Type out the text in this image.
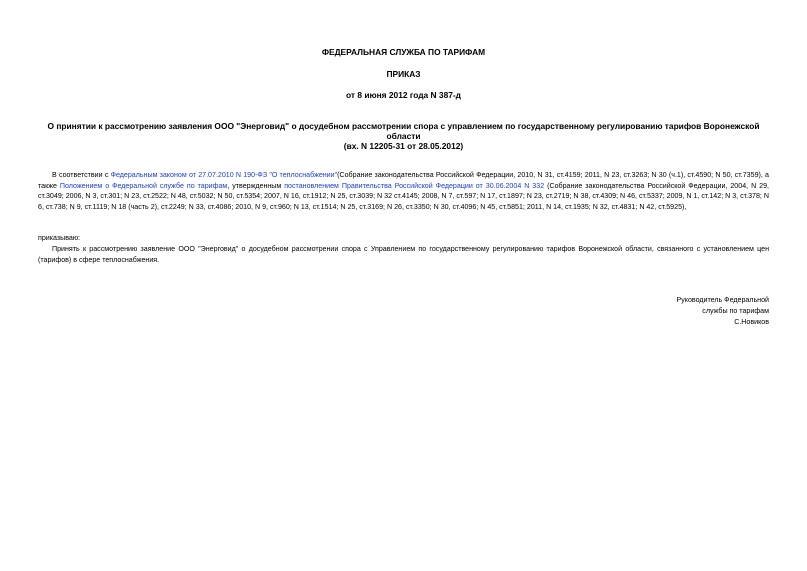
ФЕДЕРАЛЬНАЯ СЛУЖБА ПО ТАРИФАМ
ПРИКАЗ
от 8 июня 2012 года N 387-д
О принятии к рассмотрению заявления ООО "Энерговид" о досудебном рассмотрении спора с управлением по государственному регулированию тарифов Воронежской области
(вх. N 12205-31 от 28.05.2012)
В соответствии с Федеральным законом от 27.07.2010 N 190-ФЗ "О теплоснабжении"(Собрание законодательства Российской Федерации, 2010, N 31, ст.4159; 2011, N 23, ст.3263; N 30 (ч.1), ст.4590; N 50, ст.7359), а также Положением о Федеральной службе по тарифам, утвержденным постановлением Правительства Российской Федерации от 30.06.2004 N 332 (Собрание законодательства Российской Федерации, 2004, N 29, ст.3049; 2006, N 3, ст.301; N 23, ст.2522; N 48, ст.5032; N 50, ст.5354; 2007, N 16, ст.1912; N 25, ст.3039; N 32 ст.4145; 2008, N 7, ст.597; N 17, ст.1897; N 23, ст.2719; N 38, ст.4309; N 46, ст.5337; 2009, N 1, ст.142; N 3, ст.378; N 6, ст.738; N 9, ст.1119; N 18 (часть 2), ст.2249; N 33, ст.4086; 2010, N 9, ст.960; N 13, ст.1514; N 25, ст.3169; N 26, ст.3350; N 30, ст.4096; N 45, ст.5851; 2011, N 14, ст.1935; N 32, ст.4831; N 42, ст.5925),
приказываю:
Принять к рассмотрению заявление ООО "Энерговид" о досудебном рассмотрении спора с Управлением по государственному регулированию тарифов Воронежской области, связанного с установлением цен (тарифов) в сфере теплоснабжения.
Руководитель Федеральной
службы по тарифам
С.Новиков
